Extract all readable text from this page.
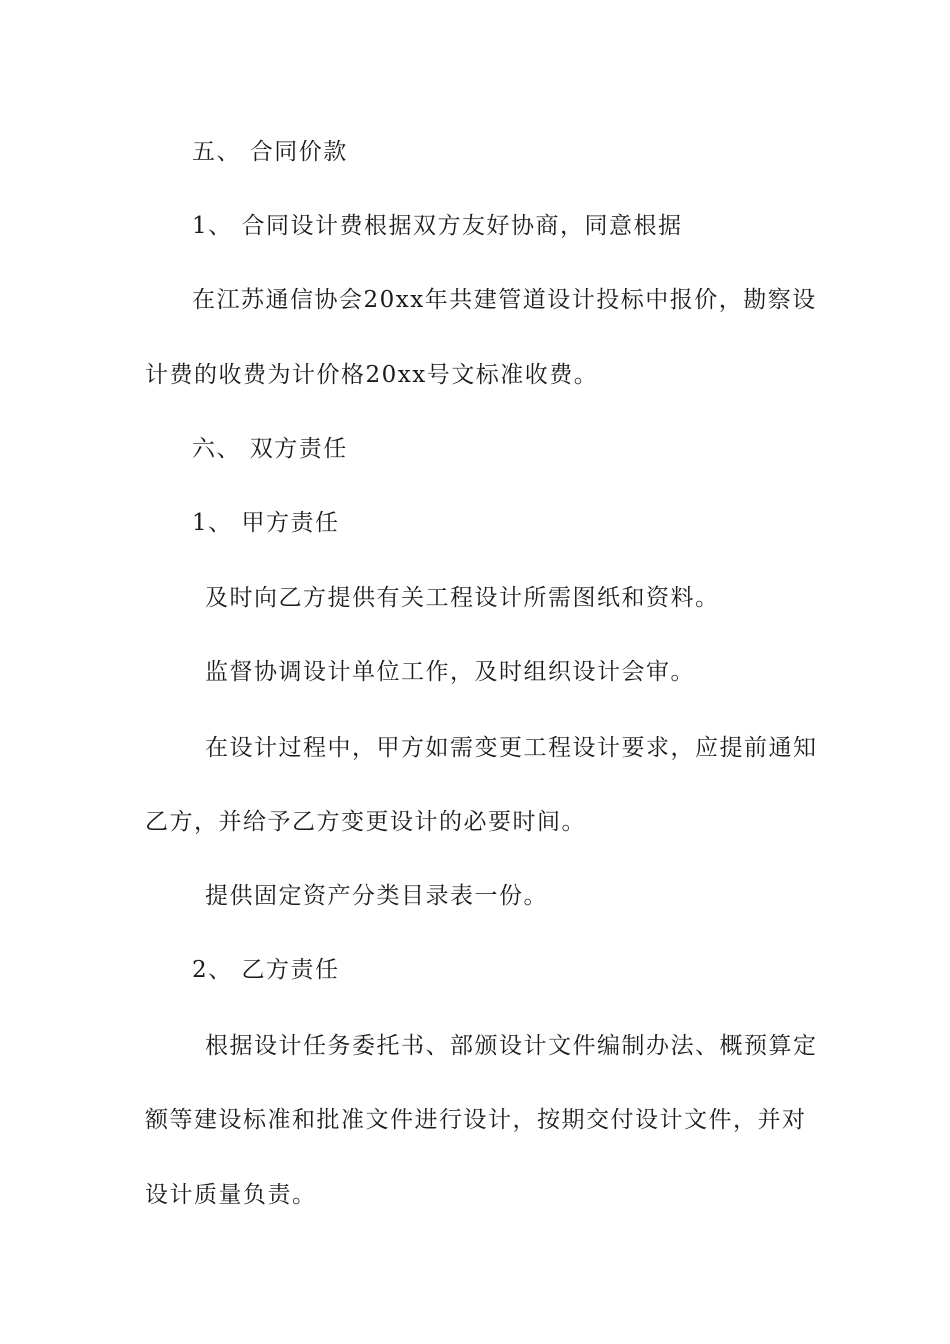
五、 合同价款
1、 合同设计费根据双方友好协商，同意根据
在江苏通信协会20xx年共建管道设计投标中报价，勘察设
计费的收费为计价格20xx号文标准收费。
六、 双方责任
1、 甲方责任
及时向乙方提供有关工程设计所需图纸和资料。
监督协调设计单位工作，及时组织设计会审。
在设计过程中，甲方如需变更工程设计要求，应提前通知
乙方，并给予乙方变更设计的必要时间。
提供固定资产分类目录表一份。
2、 乙方责任
根据设计任务委托书、部颁设计文件编制办法、概预算定
额等建设标准和批准文件进行设计，按期交付设计文件，并对
设计质量负责。
